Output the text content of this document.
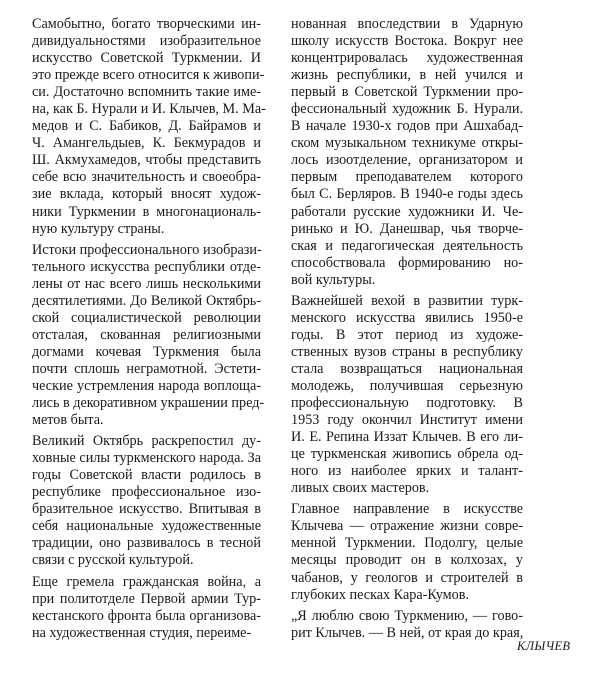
Самобытно, богато творческими ин-
дивидуальностями изобразительное
искусство Советской Туркмении. И
это прежде всего относится к живопи-
си. Достаточно вспомнить такие име-
на, как Б. Нурали и И. Клычев, М. Ма-
медов и С. Бабиков, Д. Байрамов и
Ч. Амангельдыев, К. Бекмурадов и
Ш. Акмухамедов, чтобы представить
себе всю значительность и своеобра-
зие вклада, который вносят худож-
ники Туркмении в многонациональ-
ную культуру страны.
Истоки профессионального изобрази-
тельного искусства республики отде-
лены от нас всего лишь несколькими
десятилетиями. До Великой Октябрь-
ской социалистической революции
отсталая, скованная религиозными
догмами кочевая Туркмения была
почти сплошь неграмотной. Эстети-
ческие устремления народа воплоща-
лись в декоративном украшении пред-
метов быта.
Великий Октябрь раскрепостил ду-
ховные силы туркменского народа. За
годы Советской власти родилось в
республике профессиональное изо-
бразительное искусство. Впитывая в
себя национальные художественные
традиции, оно развивалось в тесной
связи с русской культурой.
Еще гремела гражданская война, а
при политотделе Первой армии Тур-
кестанского фронта была организова-
на художественная студия, переиме-
нованная впоследствии в Ударную
школу искусств Востока. Вокруг нее
концентрировалась художественная
жизнь республики, в ней учился и
первый в Советской Туркмении про-
фессиональный художник Б. Нурали.
В начале 1930-х годов при Ашхабад-
ском музыкальном техникуме откры-
лось изоотделение, организатором и
первым преподавателем которого
был С. Берляров. В 1940-е годы здесь
работали русские художники И. Че-
ринько и Ю. Данешвар, чья творче-
ская и педагогическая деятельность
способствовала формированию но-
вой культуры.
Важнейшей вехой в развитии турк-
менского искусства явились 1950-е
годы. В этот период из художе-
ственных вузов страны в республику
стала возвращаться национальная
молодежь, получившая серьезную
профессиональную подготовку. В
1953 году окончил Институт имени
И. Е. Репина Иззат Клычев. В его ли-
це туркменская живопись обрела од-
ного из наиболее ярких и талант-
ливых своих мастеров.
Главное направление в искусстве
Клычева — отражение жизни совре-
менной Туркмении. Подолгу, целые
месяцы проводит он в колхозах, у
чабанов, у геологов и строителей в
глубоких песках Кара-Кумов.
„Я люблю свою Туркмению, — гово-
рит Клычев. — В ней, от края до края,
КЛЫЧЕВ
